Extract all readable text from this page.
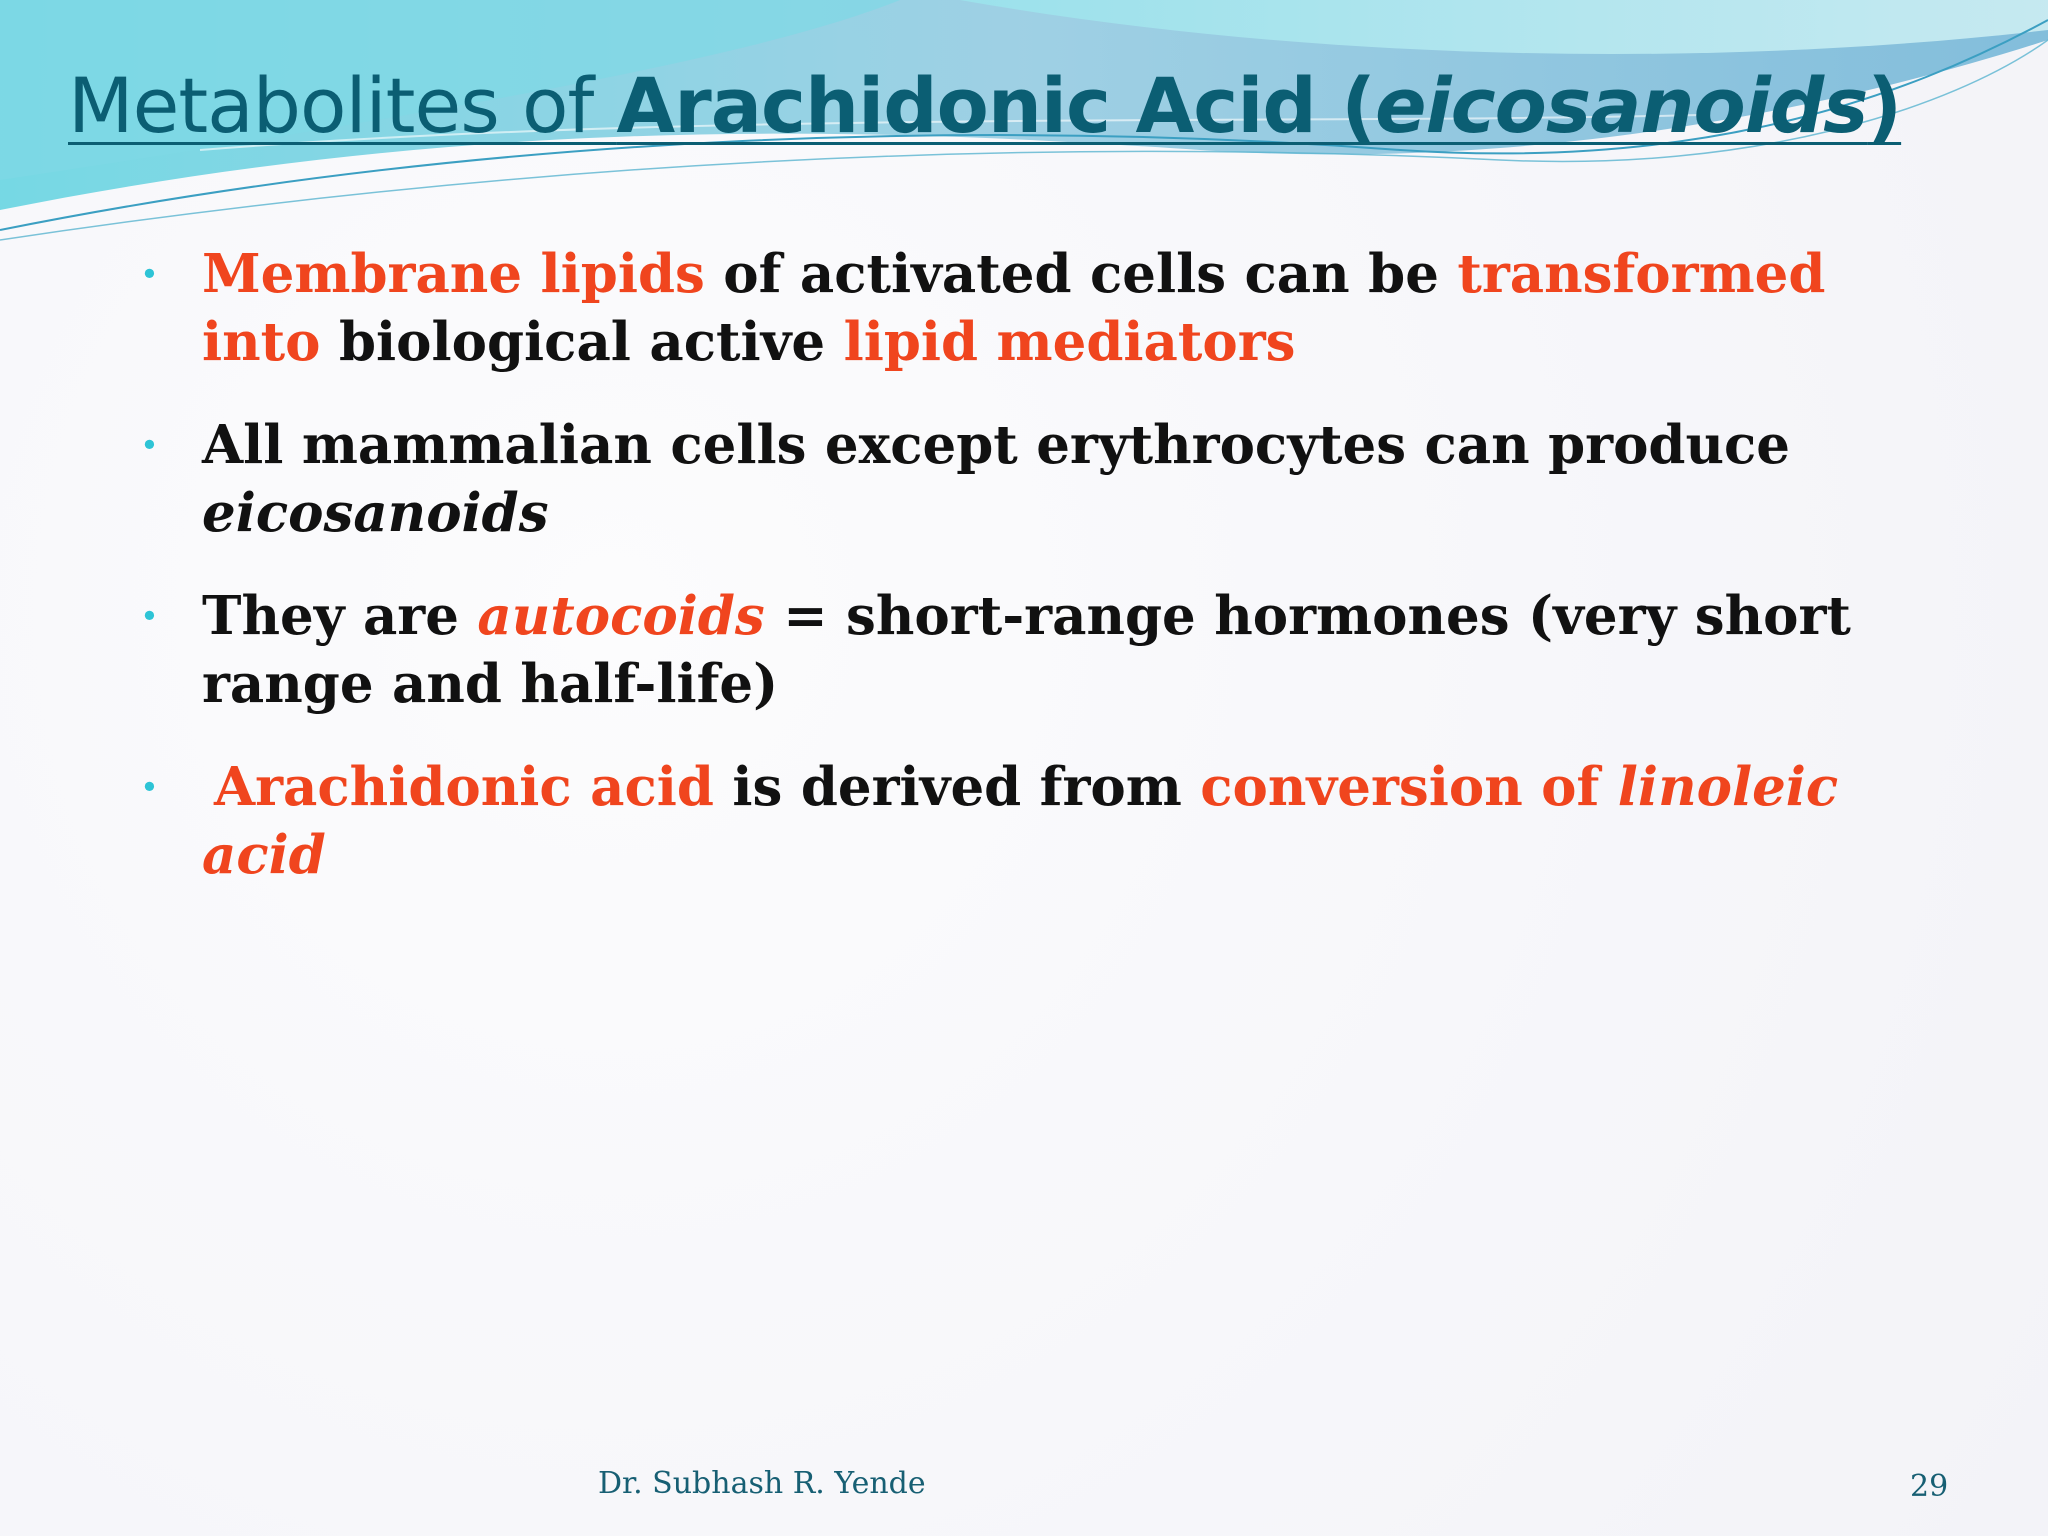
Metabolites of Arachidonic Acid (eicosanoids)
• Membrane lipids of activated cells can be transformed into biological active lipid mediators
• All mammalian cells except erythrocytes can produce eicosanoids
• They are autocoids = short-range hormones (very short range and half-life)
• Arachidonic acid is derived from conversion of linoleic acid
Dr. Subhash R. Yende	29
